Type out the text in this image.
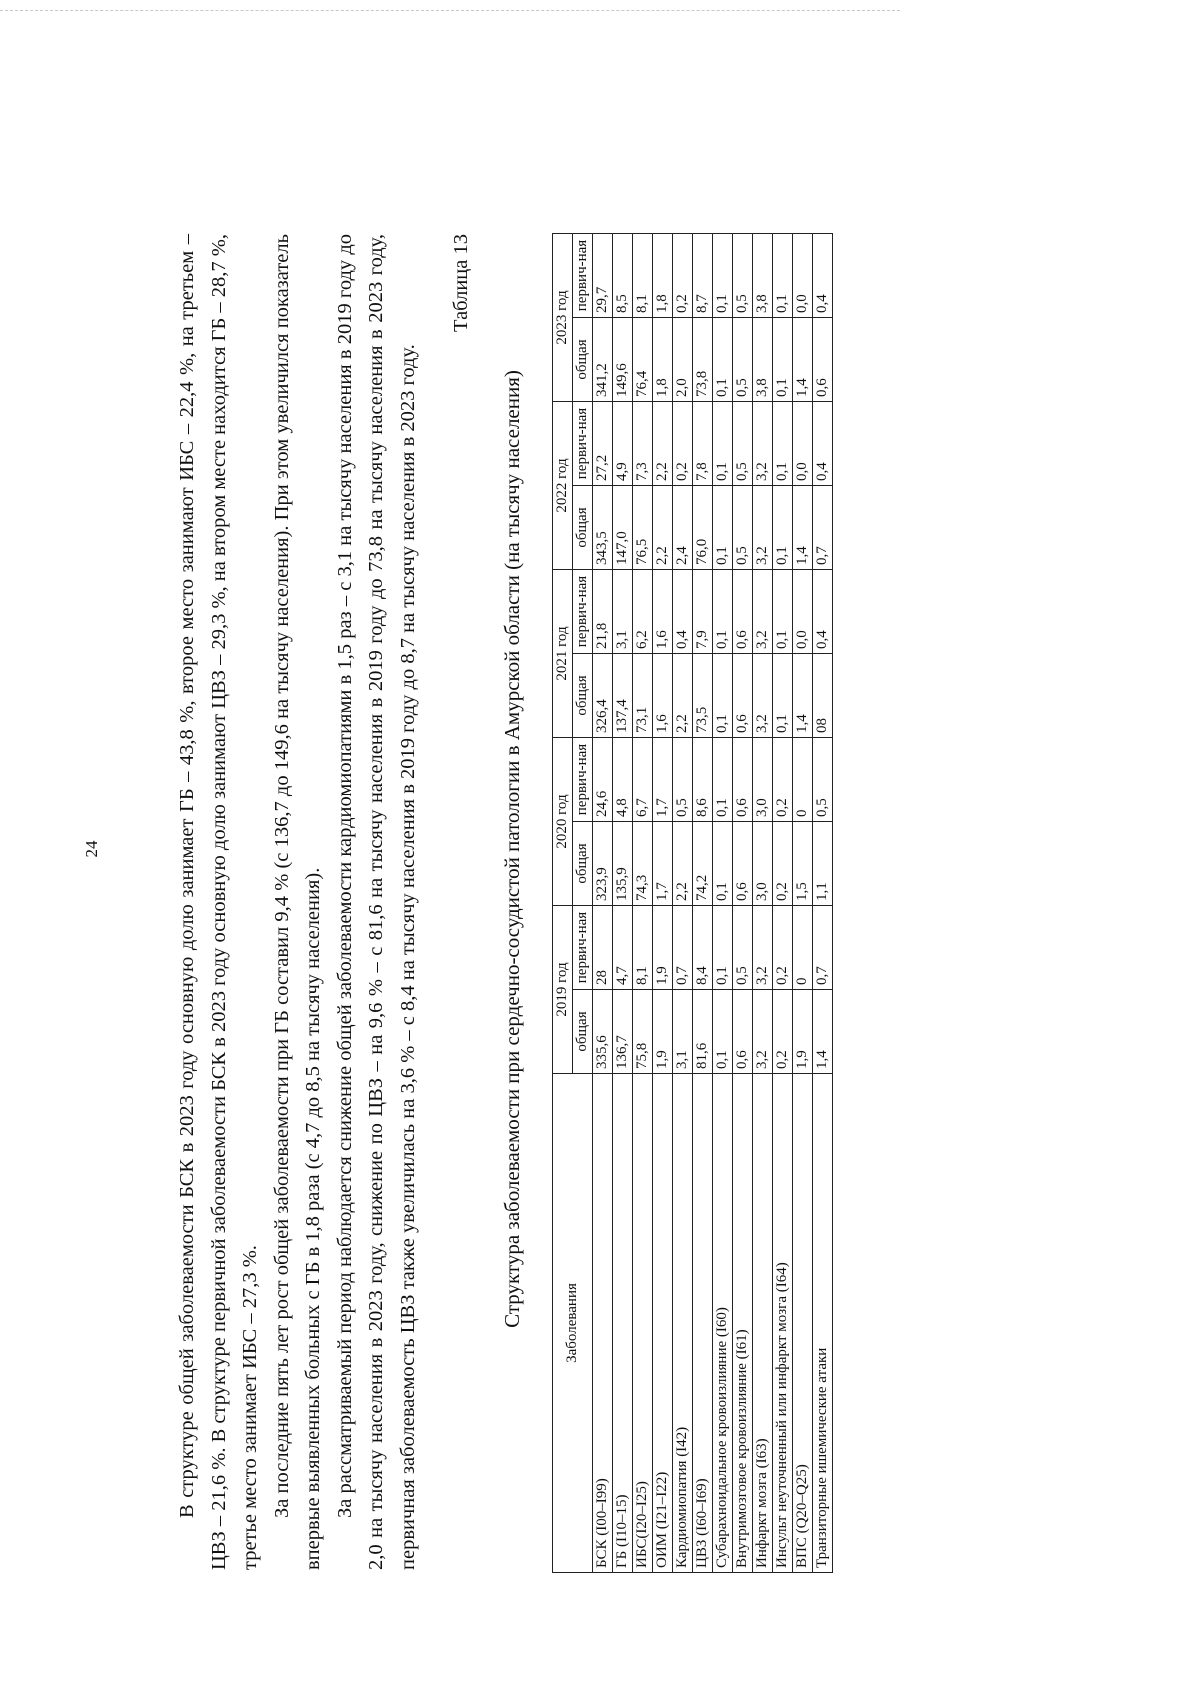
24	В структуре общей заболеваемости БСК в 2023 году основную долю занимает ГБ – 43,8 %, второе место занимают ИБС – 22,4 %, на третьем – ЦВЗ – 21,6 %. В структуре первичной заболеваемости БСК в 2023 году основную долю занимают ЦВЗ – 29,3 %, на втором месте находится ГБ – 28,7 %, третье место занимает ИБС – 27,3 %. За последние пять лет рост общей заболеваемости при ГБ составил 9,4 % (с 136,7 до 149,6 на тысячу населения). При этом увеличился показатель впервые выявленных больных с ГБ в 1,8 раза (с 4,7 до 8,5 на тысячу населения). За рассматриваемый период наблюдается снижение общей заболеваемости кардиомиопатиями в 1,5 раз – с 3,1 на тысячу населения в 2019 году до 2,0 на тысячу населения в 2023 году, снижение по ЦВЗ – на 9,6 % – с 81,6 на тысячу населения в 2019 году до 73,8 на тысячу населения в 2023 году, первичная заболеваемость ЦВЗ также увеличилась на 3,6 % – с 8,4 на тысячу населения в 2019 году до 8,7 на тысячу населения в 2023 году.

Таблица 13
Структура заболеваемости при сердечно-сосудистой патологии в Амурской области (на тысячу населения)	Заболевания	2019 год		2020 год		2021 год		2022 год		2023 год	
	общая	первич-ная	общая	первич-ная	общая	первич-ная	общая	первич-ная	общая	первич-ная
БСК (I00–I99)	335,6	28	323,9	24,6	326,4	21,8	343,5	27,2	341,2	29,7
ГБ (I10–15)	136,7	4,7	135,9	4,8	137,4	3,1	147,0	4,9	149,6	8,5
ИБС(I20–I25)	75,8	8,1	74,3	6,7	73,1	6,2	76,5	7,3	76,4	8,1
ОИМ (I21–I22)	1,9	1,9	1,7	1,7	1,6	1,6	2,2	2,2	1,8	1,8
Кардиомиопатия (I42)	3,1	0,7	2,2	0,5	2,2	0,4	2,4	0,2	2,0	0,2
ЦВЗ (I60–I69)	81,6	8,4	74,2	8,6	73,5	7,9	76,0	7,8	73,8	8,7
Субарахноидальное кровоизлияние (I60)	0,1	0,1	0,1	0,1	0,1	0,1	0,1	0,1	0,1	0,1
Внутримозговое кровоизлияние (I61)	0,6	0,5	0,6	0,6	0,6	0,6	0,5	0,5	0,5	0,5
Инфаркт мозга (I63)	3,2	3,2	3,0	3,0	3,2	3,2	3,2	3,2	3,8	3,8
Инсульт неуточненный или инфаркт мозга (I64)	0,2	0,2	0,2	0,2	0,1	0,1	0,1	0,1	0,1	0,1
ВПС (Q20–Q25)	1,9	0	1,5	0	1,4	0,0	1,4	0,0	1,4	0,0
Транзиторные ишемические атаки	1,4	0,7	1,1	0,5	08	0,4	0,7	0,4	0,6	0,4
